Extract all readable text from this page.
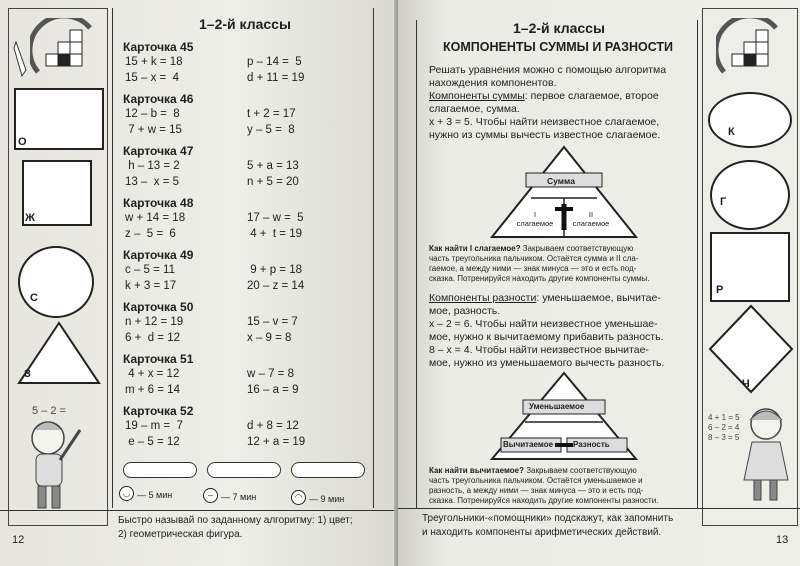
О
Ж
С
З
5 – 2 =
1–2-й классы
Карточка 45
15 + k = 18	p – 14 =  5
15 – x =  4	d + 11 = 19
Карточка 46
12 – b =  8	t + 2 = 17
7 + w = 15	y – 5 =  8
Карточка 47
h – 13 = 2	5 + a = 13
13 –  x = 5	n + 5 = 20
Карточка 48
w + 14 = 18	17 – w =  5
z –  5 =  6	4 +  t = 19
Карточка 49
c – 5 = 11	9 + p = 18
k + 3 = 17	20 – z = 14
Карточка 50
n + 12 = 19	15 – v = 7
6 +  d = 12	x – 9 = 8
Карточка 51
4 + x = 12	w – 7 = 8
m + 6 = 14	16 – a = 9
Карточка 52
19 – m =  7	d + 8 = 12
e – 5 = 12	12 + a = 19
◡ — 5 мин	– — 7 мин	◠ — 9 мин
Быстро называй по заданному алгоритму: 1) цвет;
2) геометрическая фигура.
12
1–2-й классы
КОМПОНЕНТЫ СУММЫ И РАЗНОСТИ
Решать уравнения можно с помощью алгоритма
нахождения компонентов.
Компоненты суммы: первое слагаемое, второе
слагаемое, сумма.
x + 3 = 5. Чтобы найти неизвестное слагаемое,
нужно из суммы вычесть известное слагаемое.
Сумма
I
слагаемое
II
слагаемое
Как найти I слагаемое? Закрываем соответствующую
часть треугольника пальчиком. Остаётся сумма и II сла-
гаемое, а между ними — знак минуса — это и есть под-
сказка. Потренируйся находить другие компоненты суммы.
Компоненты разности: уменьшаемое, вычитае-
мое, разность.
x – 2 = 6. Чтобы найти неизвестное уменьшае-
мое, нужно к вычитаемому прибавить разность.
8 – x = 4. Чтобы найти неизвестное вычитае-
мое, нужно из уменьшаемого вычесть разность.
Уменьшаемое
Вычитаемое Разность
Как найти вычитаемое? Закрываем соответствующую
часть треугольника пальчиком. Остаётся уменьшаемое и
разность, а между ними — знак минуса — это и есть под-
сказка. Потренируйся находить другие компоненты разности.
К
Г
Р
Ч
4 + 1 = 5
6 – 2 = 4
8 – 3 = 5
Треугольники-«помощники» подскажут, как запомнить
и находить компоненты арифметических действий.
13
